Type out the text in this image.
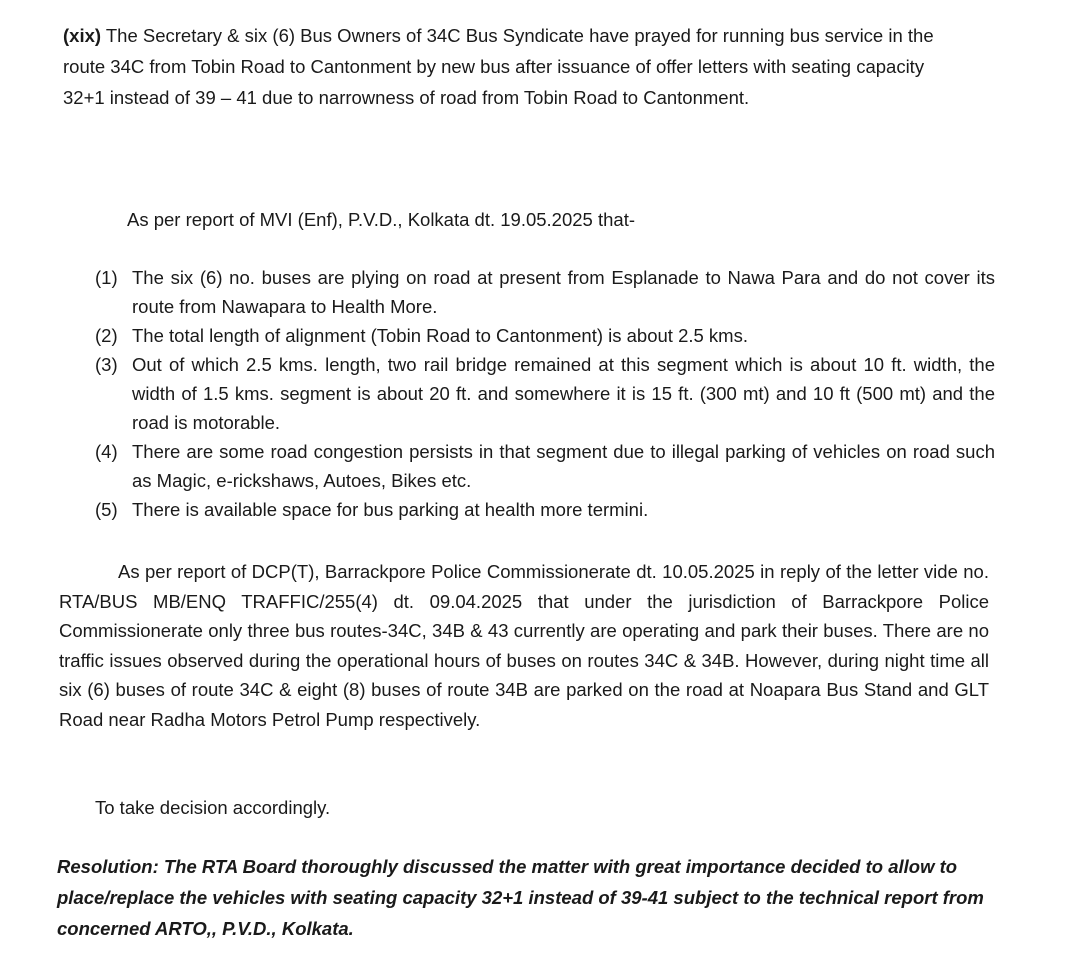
(xix) The Secretary & six (6) Bus Owners of 34C Bus Syndicate have prayed for running bus service in the route 34C from Tobin Road to Cantonment by new bus after issuance of offer letters with seating capacity 32+1 instead of 39 – 41 due to narrowness of road from Tobin Road to Cantonment.

As per report of MVI (Enf), P.V.D., Kolkata dt. 19.05.2025 that-

(1) The six (6) no. buses are plying on road at present from Esplanade to Nawa Para and do not cover its route from Nawapara to Health More.
(2) The total length of alignment (Tobin Road to Cantonment) is about 2.5 kms.
(3) Out of which 2.5 kms. length, two rail bridge remained at this segment which is about 10 ft. width, the width of 1.5 kms. segment is about 20 ft. and somewhere it is 15 ft. (300 mt) and 10 ft (500 mt) and the road is motorable.
(4) There are some road congestion persists in that segment due to illegal parking of vehicles on road such as Magic, e-rickshaws, Autoes, Bikes etc.
(5) There is available space for bus parking at health more termini.

As per report of DCP(T), Barrackpore Police Commissionerate dt. 10.05.2025 in reply of the letter vide no. RTA/BUS MB/ENQ TRAFFIC/255(4) dt. 09.04.2025 that under the jurisdiction of Barrackpore Police Commissionerate only three bus routes-34C, 34B & 43 currently are operating and park their buses. There are no traffic issues observed during the operational hours of buses on routes 34C & 34B. However, during night time all six (6) buses of route 34C & eight (8) buses of route 34B are parked on the road at Noapara Bus Stand and GLT Road near Radha Motors Petrol Pump respectively.

To take decision accordingly.

Resolution: The RTA Board thoroughly discussed the matter with great importance decided to allow to place/replace the vehicles with seating capacity 32+1 instead of 39-41 subject to the technical report from concerned ARTO,, P.V.D., Kolkata.
